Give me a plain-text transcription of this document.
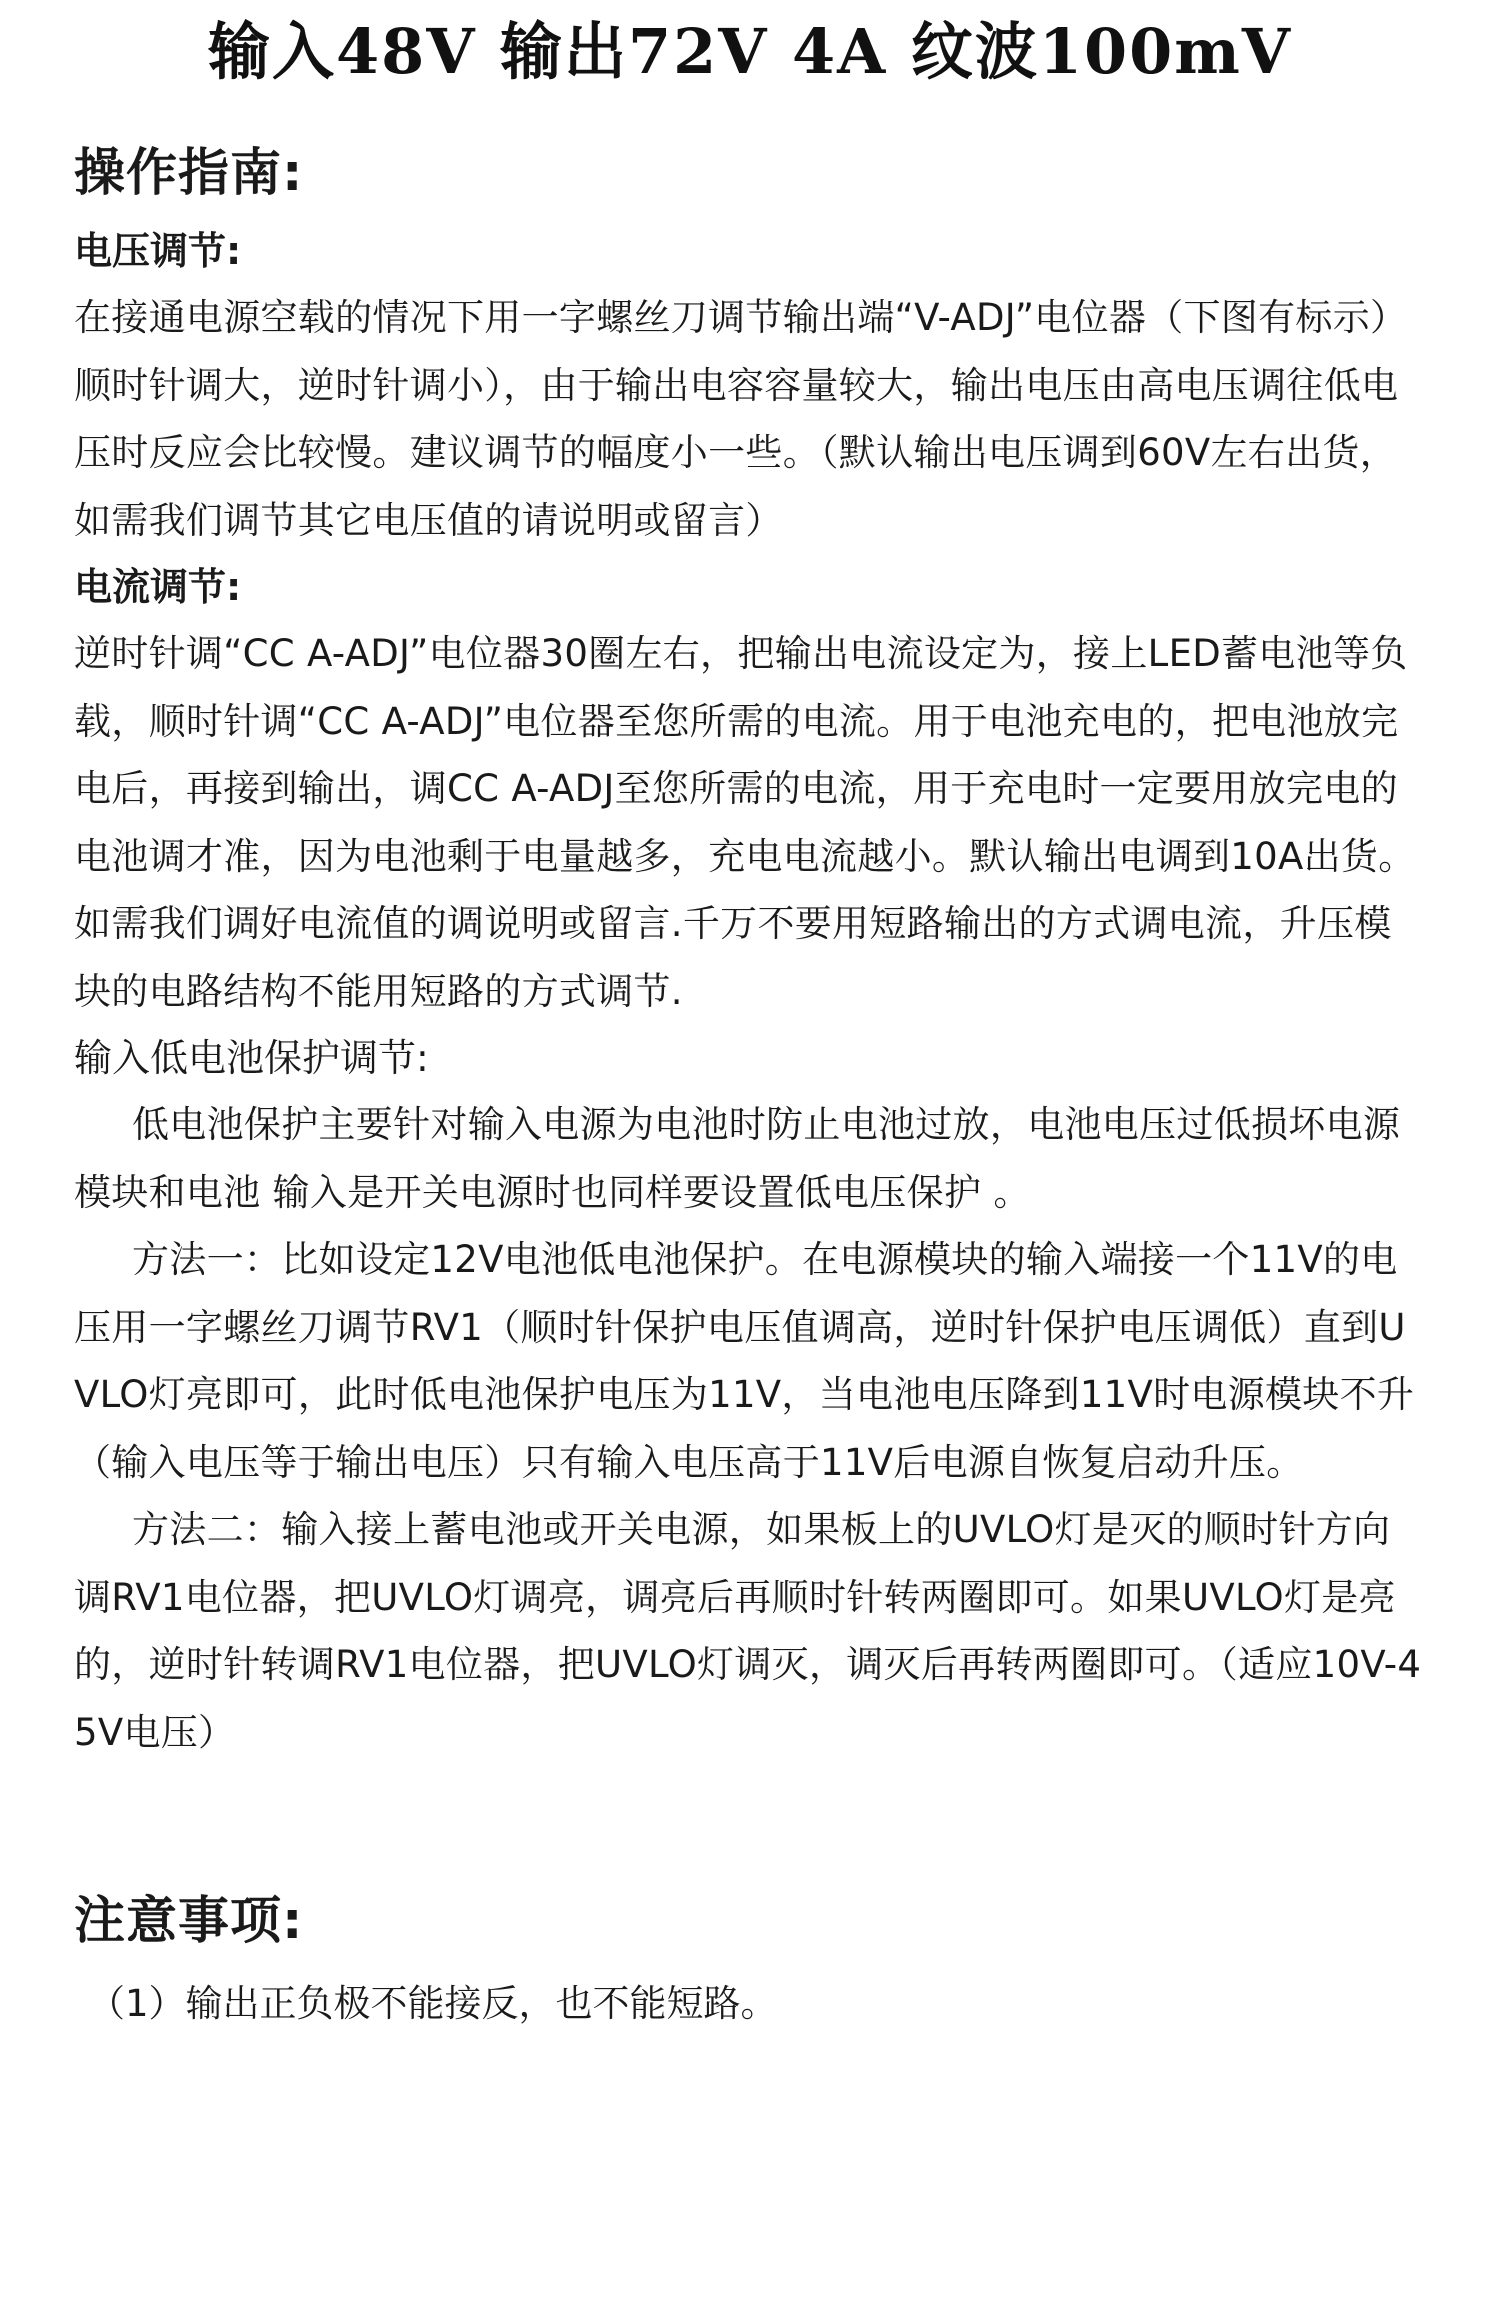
输入48V 输出72V 4A 纹波100mV
操作指南:
电压调节:

在接通电源空载的情况下用一字螺丝刀调节输出端“V-ADJ”电位器（下图有标示）顺时针调大，逆时针调小），由于输出电容容量较大，输出电压由高电压调往低电压时反应会比较慢。建议调节的幅度小一些。（默认输出电压调到60V左右出货，如需我们调节其它电压值的请说明或留言）

电流调节:

逆时针调“CC A-ADJ”电位器30圈左右，把输出电流设定为，接上LED蓄电池等负载，顺时针调“CC A-ADJ”电位器至您所需的电流。用于电池充电的，把电池放完电后，再接到输出，调CC A-ADJ至您所需的电流，用于充电时一定要用放完电的电池调才准，因为电池剩于电量越多，充电电流越小。默认输出电调到10A出货。如需我们调好电流值的调说明或留言.千万不要用短路输出的方式调电流，升压模块的电路结构不能用短路的方式调节.

输入低电池保护调节:

低电池保护主要针对输入电源为电池时防止电池过放，电池电压过低损坏电源模块和电池 输入是开关电源时也同样要设置低电压保护 。

方法一：比如设定12V电池低电池保护。在电源模块的输入端接一个11V的电压用一字螺丝刀调节RV1（顺时针保护电压值调高，逆时针保护电压调低）直到UVLO灯亮即可，此时低电池保护电压为11V，当电池电压降到11V时电源模块不升（输入电压等于输出电压）只有输入电压高于11V后电源自恢复启动升压。

方法二：输入接上蓄电池或开关电源，如果板上的UVLO灯是灭的顺时针方向调RV1电位器，把UVLO灯调亮，调亮后再顺时针转两圈即可。如果UVLO灯是亮的，逆时针转调RV1电位器，把UVLO灯调灭，调灭后再转两圈即可。（适应10V-45V电压）

注意事项:

（1）输出正负极不能接反，也不能短路。
